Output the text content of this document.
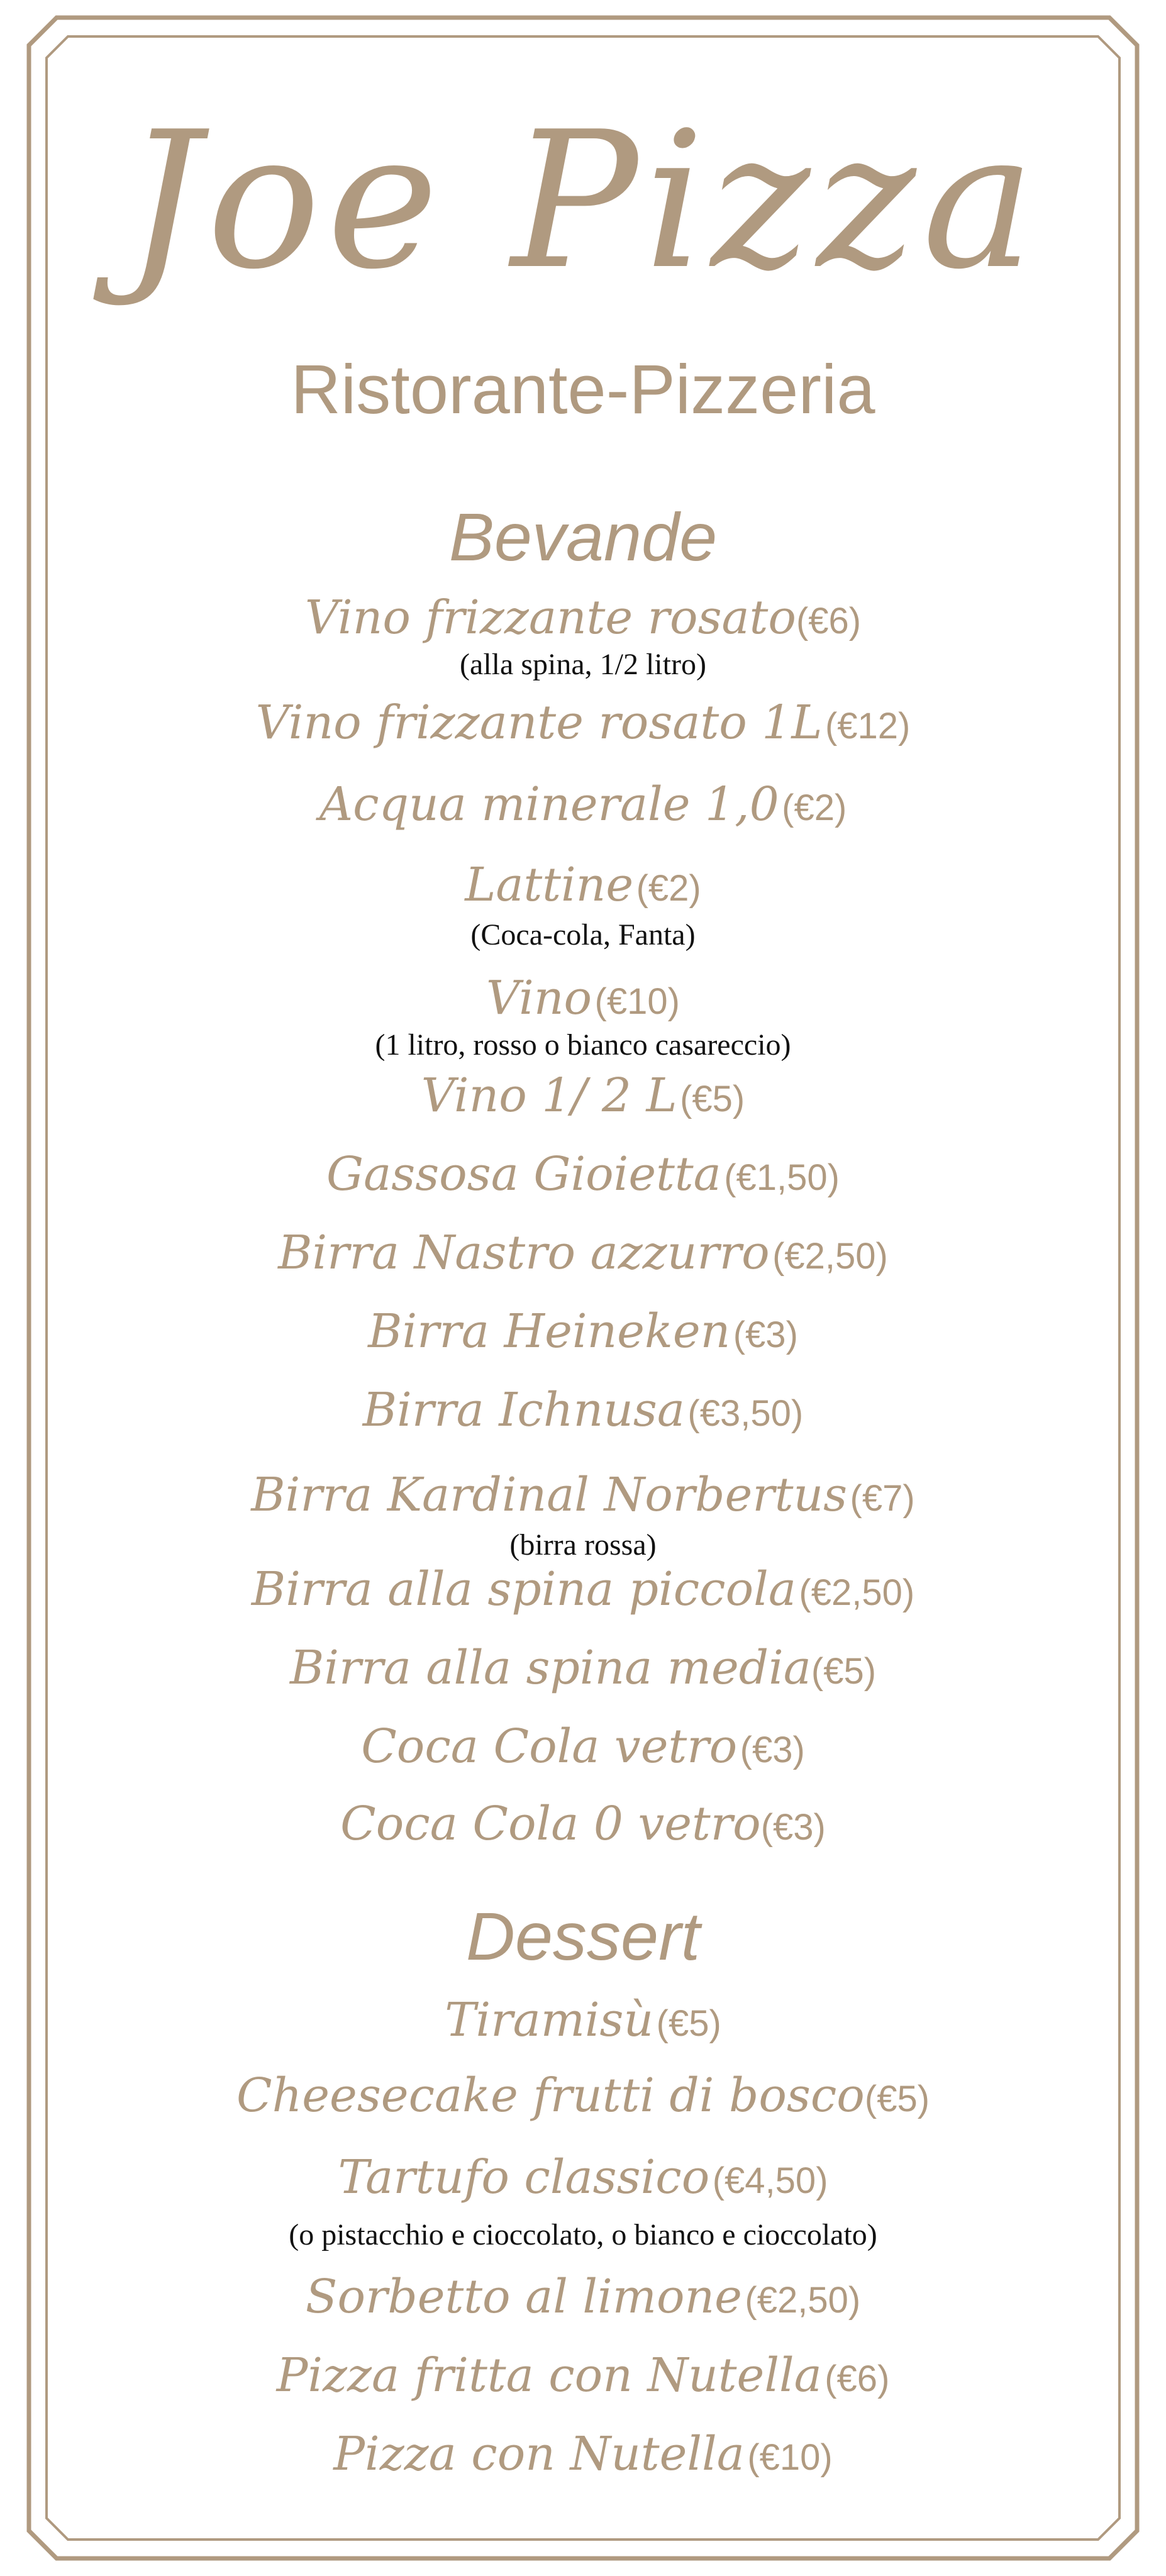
Joe Pizza
Ristorante-Pizzeria
Bevande
Vino frizzante rosato(€6)
(alla spina, 1/2 litro)
Vino frizzante rosato 1L (€12)
Acqua minerale 1,0 (€2)
Lattine (€2)
(Coca-cola, Fanta)
Vino (€10)
(1 litro, rosso o bianco casareccio)
Vino 1/ 2 L (€5)
Gassosa Gioietta (€1,50)
Birra Nastro azzurro (€2,50)
Birra Heineken (€3)
Birra Ichnusa (€3,50)
Birra Kardinal Norbertus (€7)
(birra rossa)
Birra alla spina piccola (€2,50)
Birra alla spina media(€5)
Coca Cola vetro (€3)
Coca Cola 0 vetro(€3)
Dessert
Tiramisù (€5)
Cheesecake frutti di bosco(€5)
Tartufo classico (€4,50)
(o pistacchio e cioccolato, o bianco e cioccolato)
Sorbetto al limone (€2,50)
Pizza fritta con Nutella (€6)
Pizza con Nutella (€10)
